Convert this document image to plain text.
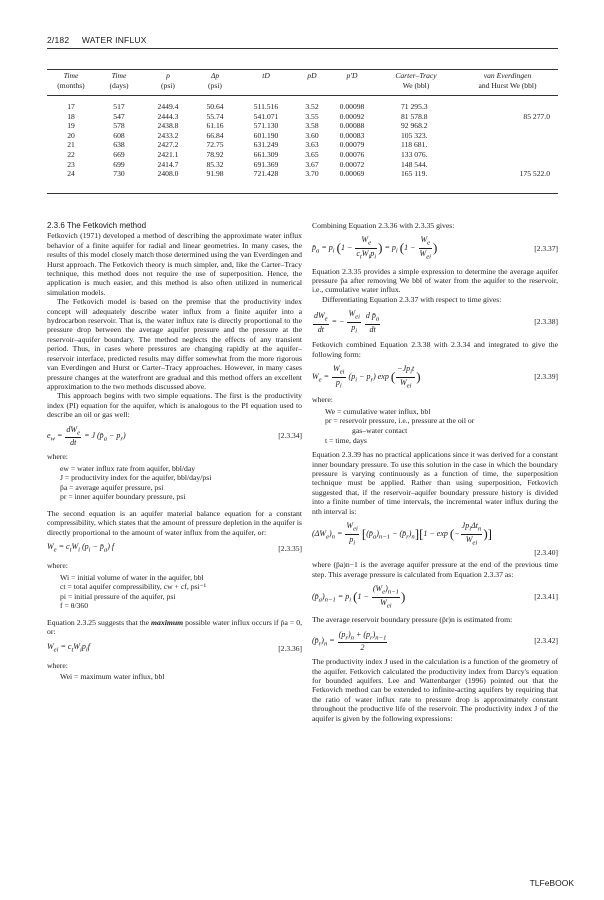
2/182 WATER INFLUX
Time	Time	p	Δp	tD	pD	p′D	Carter–Tracy	van Everdingen
(months)	(days)	(psi)	(psi)				We (bbl)	and Hurst We (bbl)
17	517	2449.4	50.64	511.516	3.52	0.00098	71 295.3	
18	547	2444.3	55.74	541.071	3.55	0.00092	81 578.8	85 277.0
19	578	2438.8	61.16	571.130	3.58	0.00088	92 968.2	
20	608	2433.2	66.84	601.190	3.60	0.00083	105 323.	
21	638	2427.2	72.75	631.249	3.63	0.00079	118 681.	
22	669	2421.1	78.92	661.309	3.65	0.00076	133 076.	
23	699	2414.7	85.32	691.369	3.67	0.00072	148 544.	
24	730	2408.0	91.98	721.428	3.70	0.00069	165 119.	175 522.0
2.3.6 The Fetkovich method

Fetkovich (1971) developed a method of describing the approximate water influx behavior of a finite aquifer for radial and linear geometries. In many cases, the results of this model closely match those determined using the van Everdingen and Hurst approach. The Fetkovich theory is much simpler, and, like the Carter–Tracy technique, this method does not require the use of superposition. Hence, the application is much easier, and this method is also often utilized in numerical simulation models.

The Fetkovich model is based on the premise that the productivity index concept will adequately describe water influx from a finite aquifer into a hydrocarbon reservoir. That is, the water influx rate is directly proportional to the pressure drop between the average aquifer pressure and the pressure at the reservoir–aquifer boundary. The method neglects the effects of any transient period. Thus, in cases where pressures are changing rapidly at the aquifer–reservoir interface, predicted results may differ somewhat from the more rigorous van Everdingen and Hurst or Carter–Tracy approaches. However, in many cases pressure changes at the waterfront are gradual and this method offers an excellent approximation to the two methods discussed above.

This approach begins with two simple equations. The first is the productivity index (PI) equation for the aquifer, which is analogous to the PI equation used to describe an oil or gas well:

$e_w = \frac{dW_e}{dt} = J$ $(p̄_a - p_r)$	[2.3.34]
where:
ew = water influx rate from aquifer, bbl/day
J = productivity index for the aquifer, bbl/day/psi
p̄a = average aquifer pressure, psi
pr = inner aquifer boundary pressure, psi

The second equation is an aquifer material balance equation for a constant compressibility, which states that the amount of pressure depletion in the aquifer is directly proportional to the amount of water influx from the aquifer, or:

$W_e = c_tW_i$ ($p_i$ − $p̄_a$) f	[2.3.35]
where:
Wi = initial volume of water in the aquifer, bbl
ct = total aquifer compressibility, cw + cf, psi⁻¹
pi = initial pressure of the aquifer, psi
f = θ/360

Equation 2.3.25 suggests that the maximum possible water influx occurs if p̄a = 0, or:

$W_{ei} = c_tW_ip_if$	[2.3.36]
where:
Wei = maximum water influx, bbl

Combining Equation 2.3.36 with 2.3.35 gives:

$p̄_a = p_i$ ($1 - \frac{W_e}{c_tW_ip_i}$ ) = $p_i$ ($1 - \frac{W_e}{W_{ei}}$ )	[2.3.37]

Equation 2.3.35 provides a simple expression to determine the average aquifer pressure p̄a after removing We bbl of water from the aquifer to the reservoir, i.e., cumulative water influx.

Differentiating Equation 2.3.37 with respect to time gives:

$\frac{dW_e}{dt}$ = − $\frac{W_{ei}}{p_i}$
$\frac{d p̄_a}{dt}$	[2.3.38]

Fetkovich combined Equation 2.3.38 with 2.3.34 and integrated to give the following form:

$W_e = \frac{W_{ei}}{p_i} (p_i - p_r)$ exp ( $\frac{-Jp_it}{W_{ei}}$ )	[2.3.39]
where:
We = cumulative water influx, bbl
pr = reservoir pressure, i.e., pressure at the oil or
gas–water contact
t = time, days

Equation 2.3.39 has no practical applications since it was derived for a constant inner boundary pressure. To use this solution in the case in which the boundary pressure is varying continuously as a function of time, the superposition technique must be applied. Rather than using superposition, Fetkovich suggested that, if the reservoir–aquifer boundary pressure history is divided into a finite number of time intervals, the incremental water influx during the nth interval is:

$(\Delta W_e)_n = \frac{W_{ei}}{p_i}$ [$(p̄_a)_{n-1}$ − $(p̄_r)_n][1 - \exp$ (− $\frac{Jp_i\Delta t_n}{W_{ei}}$ )]
[2.3.40]

where (p̄a)n−1 is the average aquifer pressure at the end of the previous time step. This average pressure is calculated from Equation 2.3.37 as:

$(p̄_a)_{n-1} = p_i$ ($1 - \frac{(W_e)_{n-1}}{W_{ei}}$ )	[2.3.41]

The average reservoir boundary pressure (p̄r)n is estimated from:

$(p̄_r)_n = \frac{(p_r)_n + (p_r)_{n-1}}{2}$	[2.3.42]

The productivity index J used in the calculation is a function of the geometry of the aquifer. Fetkovich calculated the productivity index from Darcy's equation for bounded aquifers. Lee and Wattenbarger (1996) pointed out that the Fetkovich method can be extended to infinite-acting aquifers by requiring that the ratio of water influx rate to pressure drop is approximately constant throughout the productive life of the reservoir. The productivity index J of the aquifer is given by the following expressions:

TLFeBOOK
